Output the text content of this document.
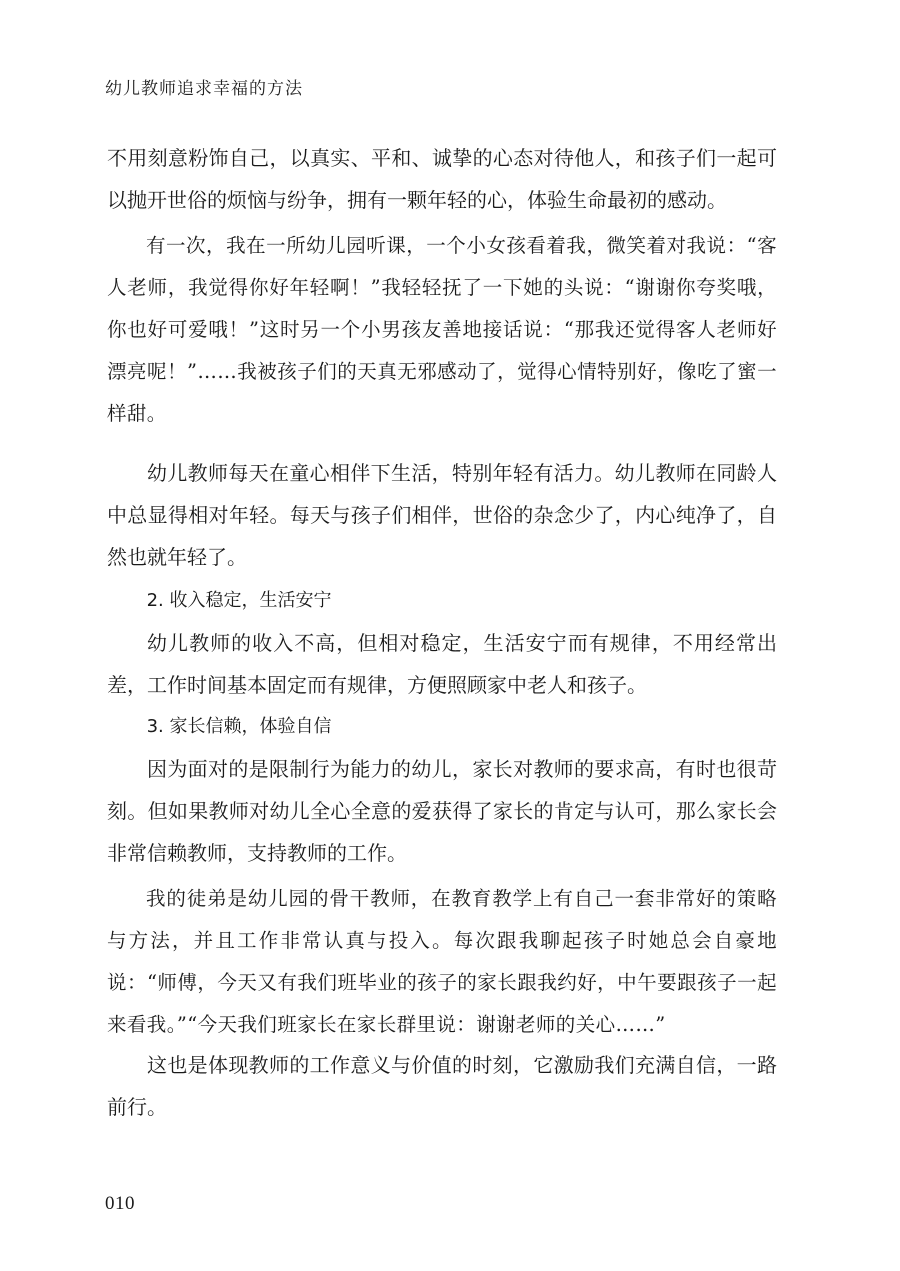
幼儿教师追求幸福的方法

不用刻意粉饰自己，以真实、平和、诚挚的心态对待他人，和孩子们一起可以抛开世俗的烦恼与纷争，拥有一颗年轻的心，体验生命最初的感动。

有一次，我在一所幼儿园听课，一个小女孩看着我，微笑着对我说：“客人老师，我觉得你好年轻啊！”我轻轻抚了一下她的头说：“谢谢你夸奖哦，你也好可爱哦！”这时另一个小男孩友善地接话说：“那我还觉得客人老师好漂亮呢！”……我被孩子们的天真无邪感动了，觉得心情特别好，像吃了蜜一样甜。

幼儿教师每天在童心相伴下生活，特别年轻有活力。幼儿教师在同龄人中总显得相对年轻。每天与孩子们相伴，世俗的杂念少了，内心纯净了，自然也就年轻了。

2. 收入稳定，生活安宁

幼儿教师的收入不高，但相对稳定，生活安宁而有规律，不用经常出差，工作时间基本固定而有规律，方便照顾家中老人和孩子。

3. 家长信赖，体验自信

因为面对的是限制行为能力的幼儿，家长对教师的要求高，有时也很苛刻。但如果教师对幼儿全心全意的爱获得了家长的肯定与认可，那么家长会非常信赖教师，支持教师的工作。

我的徒弟是幼儿园的骨干教师，在教育教学上有自己一套非常好的策略与方法，并且工作非常认真与投入。每次跟我聊起孩子时她总会自豪地说：“师傅，今天又有我们班毕业的孩子的家长跟我约好，中午要跟孩子一起来看我。”“今天我们班家长在家长群里说：谢谢老师的关心……”

这也是体现教师的工作意义与价值的时刻，它激励我们充满自信，一路前行。

010
